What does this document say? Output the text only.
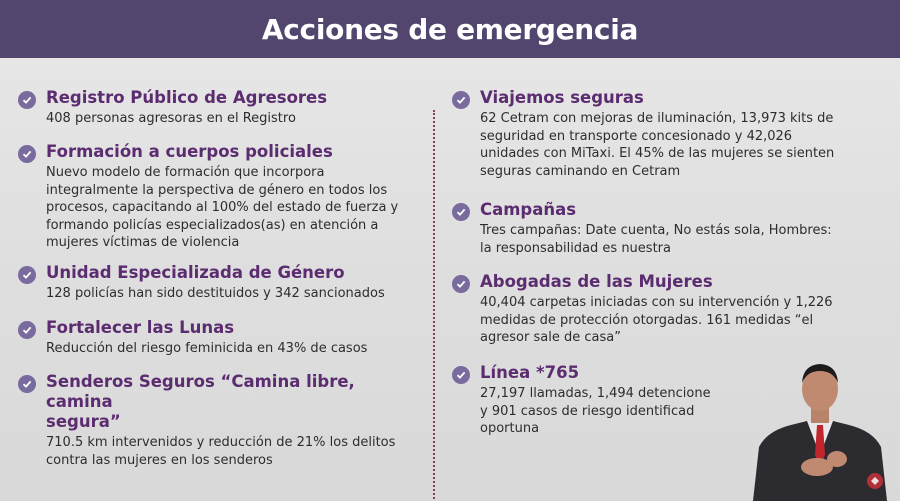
Acciones de emergencia
Registro Público de Agresores

408 personas agresoras en el Registro

Formación a cuerpos policiales

Nuevo modelo de formación que incorpora
integralmente la perspectiva de género en todos los
procesos, capacitando al 100% del estado de fuerza y
formando policías especializados(as) en atención a
mujeres víctimas de violencia

Unidad Especializada de Género

128 policías han sido destituidos y 342 sancionados

Fortalecer las Lunas

Reducción del riesgo feminicida en 43% de casos

Senderos Seguros “Camina libre, camina
segura”

710.5 km intervenidos y reducción de 21% los delitos
contra las mujeres en los senderos

Viajemos seguras

62 Cetram con mejoras de iluminación, 13,973 kits de
seguridad en transporte concesionado y 42,026
unidades con MiTaxi. El 45% de las mujeres se sienten
seguras caminando en Cetram

Campañas

Tres campañas: Date cuenta, No estás sola, Hombres:
la responsabilidad es nuestra

Abogadas de las Mujeres

40,404 carpetas iniciadas con su intervención y 1,226
medidas de protección otorgadas. 161 medidas “el
agresor sale de casa”

Línea *765

27,197 llamadas, 1,494 detencione
y 901 casos de riesgo identificad
oportuna
